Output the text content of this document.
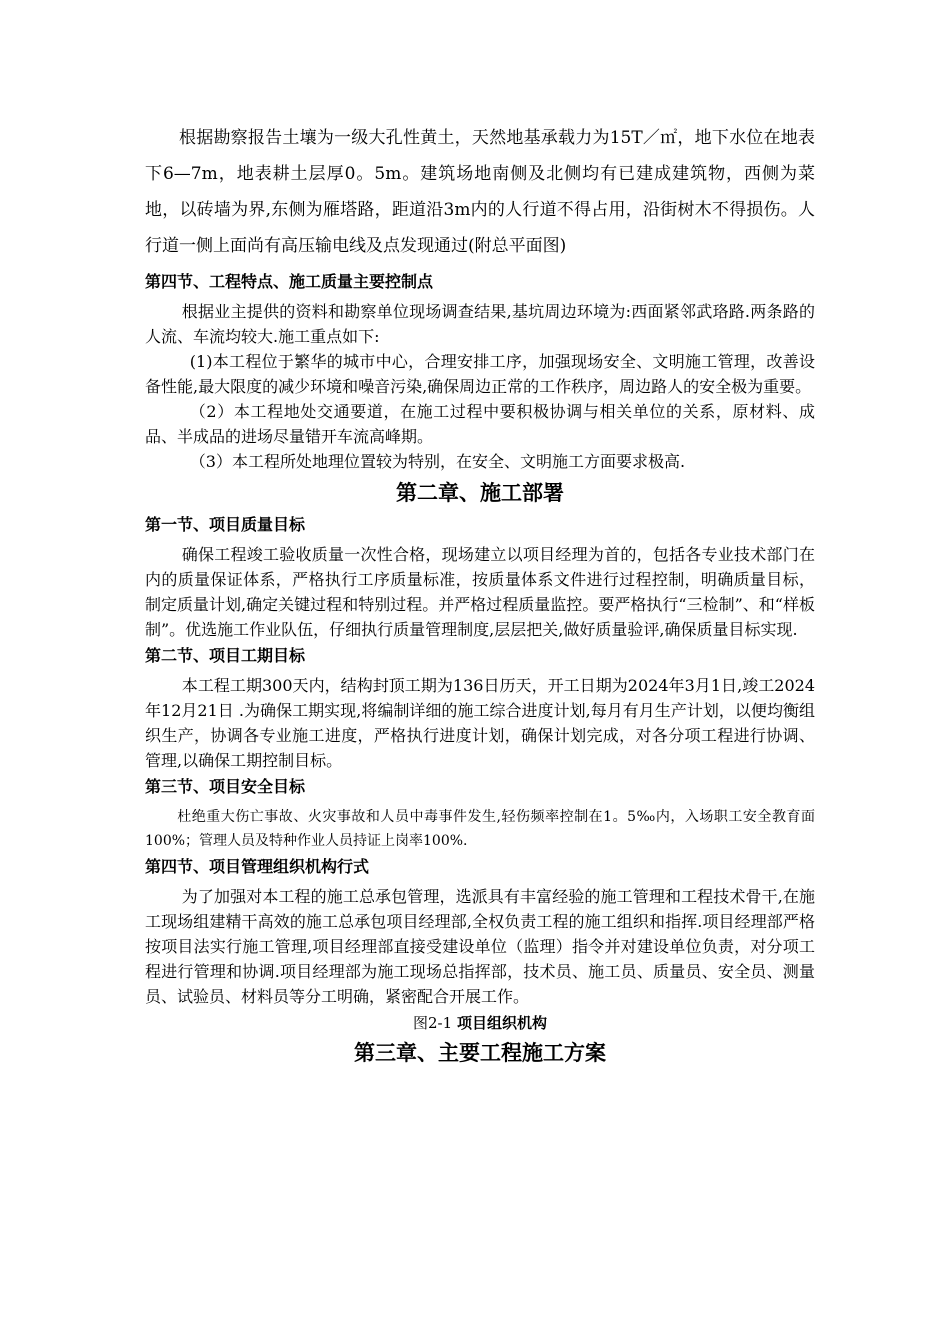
根据勘察报告土壤为一级大孔性黄土，天然地基承载力为15T／㎡，地下水位在地表下6—7m，地表耕土层厚0。5m。建筑场地南侧及北侧均有已建成建筑物，西侧为菜地，以砖墙为界,东侧为雁塔路，距道沿3m内的人行道不得占用，沿街树木不得损伤。人行道一侧上面尚有高压输电线及点发现通过(附总平面图)

第四节、工程特点、施工质量主要控制点

根据业主提供的资料和勘察单位现场调查结果,基坑周边环境为:西面紧邻武珞路.两条路的人流、车流均较大.施工重点如下:

(1)本工程位于繁华的城市中心，合理安排工序，加强现场安全、文明施工管理，改善设备性能,最大限度的减少环境和噪音污染,确保周边正常的工作秩序，周边路人的安全极为重要。

（2）本工程地处交通要道，在施工过程中要积极协调与相关单位的关系，原材料、成品、半成品的进场尽量错开车流高峰期。

（3）本工程所处地理位置较为特别，在安全、文明施工方面要求极高.

第二章、施工部署
第一节、项目质量目标

确保工程竣工验收质量一次性合格，现场建立以项目经理为首的，包括各专业技术部门在内的质量保证体系，严格执行工序质量标准，按质量体系文件进行过程控制，明确质量目标，制定质量计划,确定关键过程和特别过程。并严格过程质量监控。要严格执行“三检制”、和“样板制”。优选施工作业队伍，仔细执行质量管理制度,层层把关,做好质量验评,确保质量目标实现.

第二节、项目工期目标

本工程工期300天内，结构封顶工期为136日历天，开工日期为2024年3月1日,竣工2024年12月21日 .为确保工期实现,将编制详细的施工综合进度计划,每月有月生产计划，以便均衡组织生产，协调各专业施工进度，严格执行进度计划，确保计划完成，对各分项工程进行协调、管理,以确保工期控制目标。

第三节、项目安全目标

杜绝重大伤亡事故、火灾事故和人员中毒事件发生,轻伤频率控制在1。5‰内，入场职工安全教育面100%；管理人员及特种作业人员持证上岗率100%.

第四节、项目管理组织机构行式

为了加强对本工程的施工总承包管理，选派具有丰富经验的施工管理和工程技术骨干,在施工现场组建精干高效的施工总承包项目经理部,全权负责工程的施工组织和指挥.项目经理部严格按项目法实行施工管理,项目经理部直接受建设单位（监理）指令并对建设单位负责，对分项工程进行管理和协调.项目经理部为施工现场总指挥部，技术员、施工员、质量员、安全员、测量员、试验员、材料员等分工明确，紧密配合开展工作。

图2-1 项目组织机构
第三章、主要工程施工方案
